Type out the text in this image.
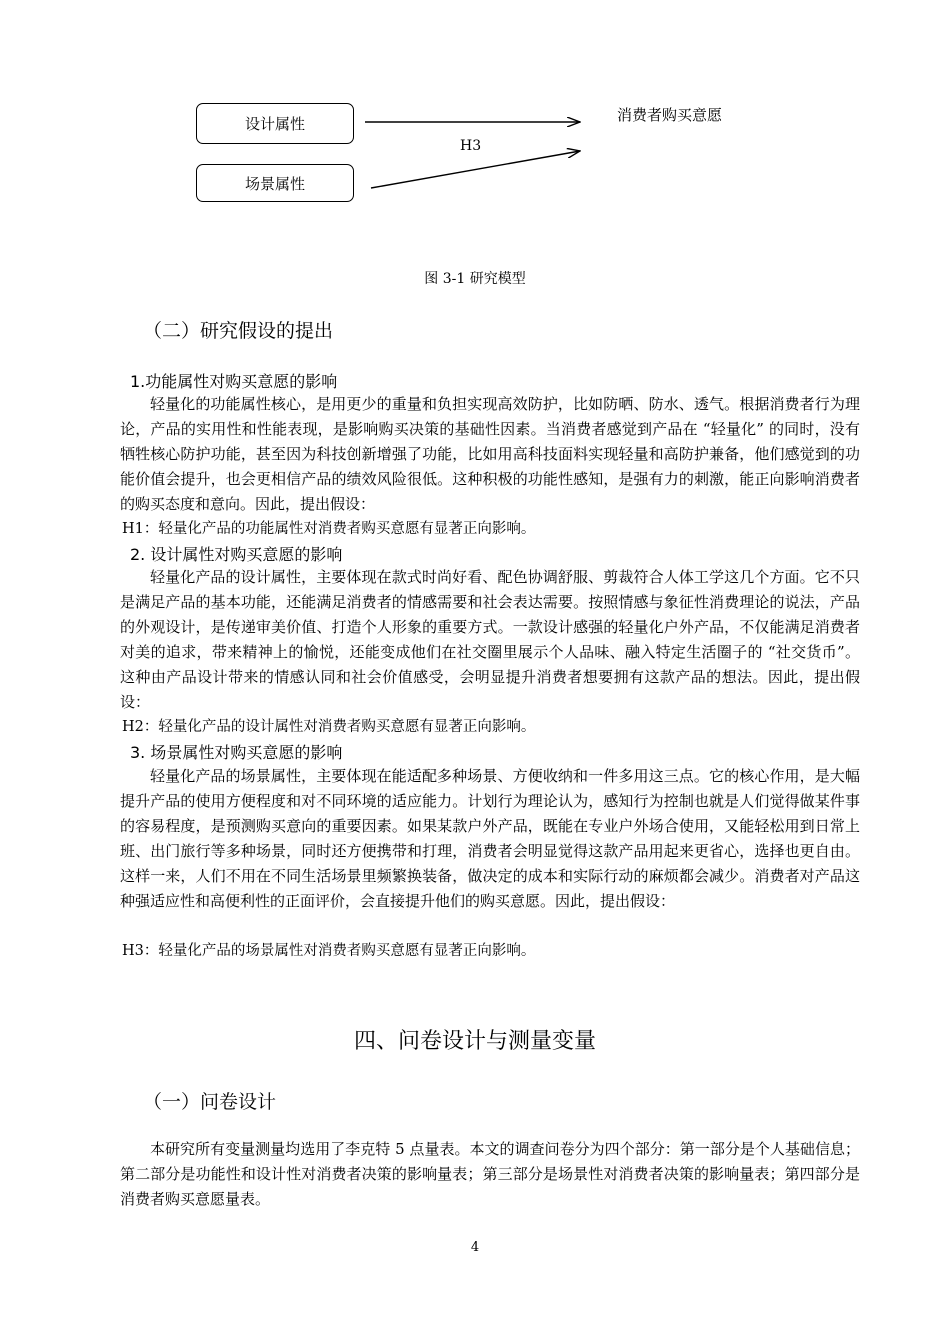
设计属性
场景属性
H3
消费者购买意愿
图 3-1 研究模型
（二）研究假设的提出
1.功能属性对购买意愿的影响
轻量化的功能属性核心，是用更少的重量和负担实现高效防护，比如防晒、防水、透气。根据消费者行为理论，产品的实用性和性能表现，是影响购买决策的基础性因素。当消费者感觉到产品在 “轻量化” 的同时，没有牺牲核心防护功能，甚至因为科技创新增强了功能，比如用高科技面料实现轻量和高防护兼备，他们感觉到的功能价值会提升，也会更相信产品的绩效风险很低。这种积极的功能性感知，是强有力的刺激，能正向影响消费者的购买态度和意向。因此，提出假设：
H1：轻量化产品的功能属性对消费者购买意愿有显著正向影响。
2. 设计属性对购买意愿的影响
轻量化产品的设计属性，主要体现在款式时尚好看、配色协调舒服、剪裁符合人体工学这几个方面。它不只是满足产品的基本功能，还能满足消费者的情感需要和社会表达需要。按照情感与象征性消费理论的说法，产品的外观设计，是传递审美价值、打造个人形象的重要方式。一款设计感强的轻量化户外产品，不仅能满足消费者对美的追求，带来精神上的愉悦，还能变成他们在社交圈里展示个人品味、融入特定生活圈子的 “社交货币”。这种由产品设计带来的情感认同和社会价值感受，会明显提升消费者想要拥有这款产品的想法。因此，提出假设：
H2：轻量化产品的设计属性对消费者购买意愿有显著正向影响。
3. 场景属性对购买意愿的影响
轻量化产品的场景属性，主要体现在能适配多种场景、方便收纳和一件多用这三点。它的核心作用，是大幅提升产品的使用方便程度和对不同环境的适应能力。计划行为理论认为，感知行为控制也就是人们觉得做某件事的容易程度，是预测购买意向的重要因素。如果某款户外产品，既能在专业户外场合使用，又能轻松用到日常上班、出门旅行等多种场景，同时还方便携带和打理，消费者会明显觉得这款产品用起来更省心，选择也更自由。这样一来，人们不用在不同生活场景里频繁换装备，做决定的成本和实际行动的麻烦都会减少。消费者对产品这种强适应性和高便利性的正面评价，会直接提升他们的购买意愿。因此，提出假设：
H3：轻量化产品的场景属性对消费者购买意愿有显著正向影响。
四、问卷设计与测量变量
（一）问卷设计
本研究所有变量测量均选用了李克特 5 点量表。本文的调查问卷分为四个部分：第一部分是个人基础信息；第二部分是功能性和设计性对消费者决策的影响量表；第三部分是场景性对消费者决策的影响量表；第四部分是消费者购买意愿量表。
4
